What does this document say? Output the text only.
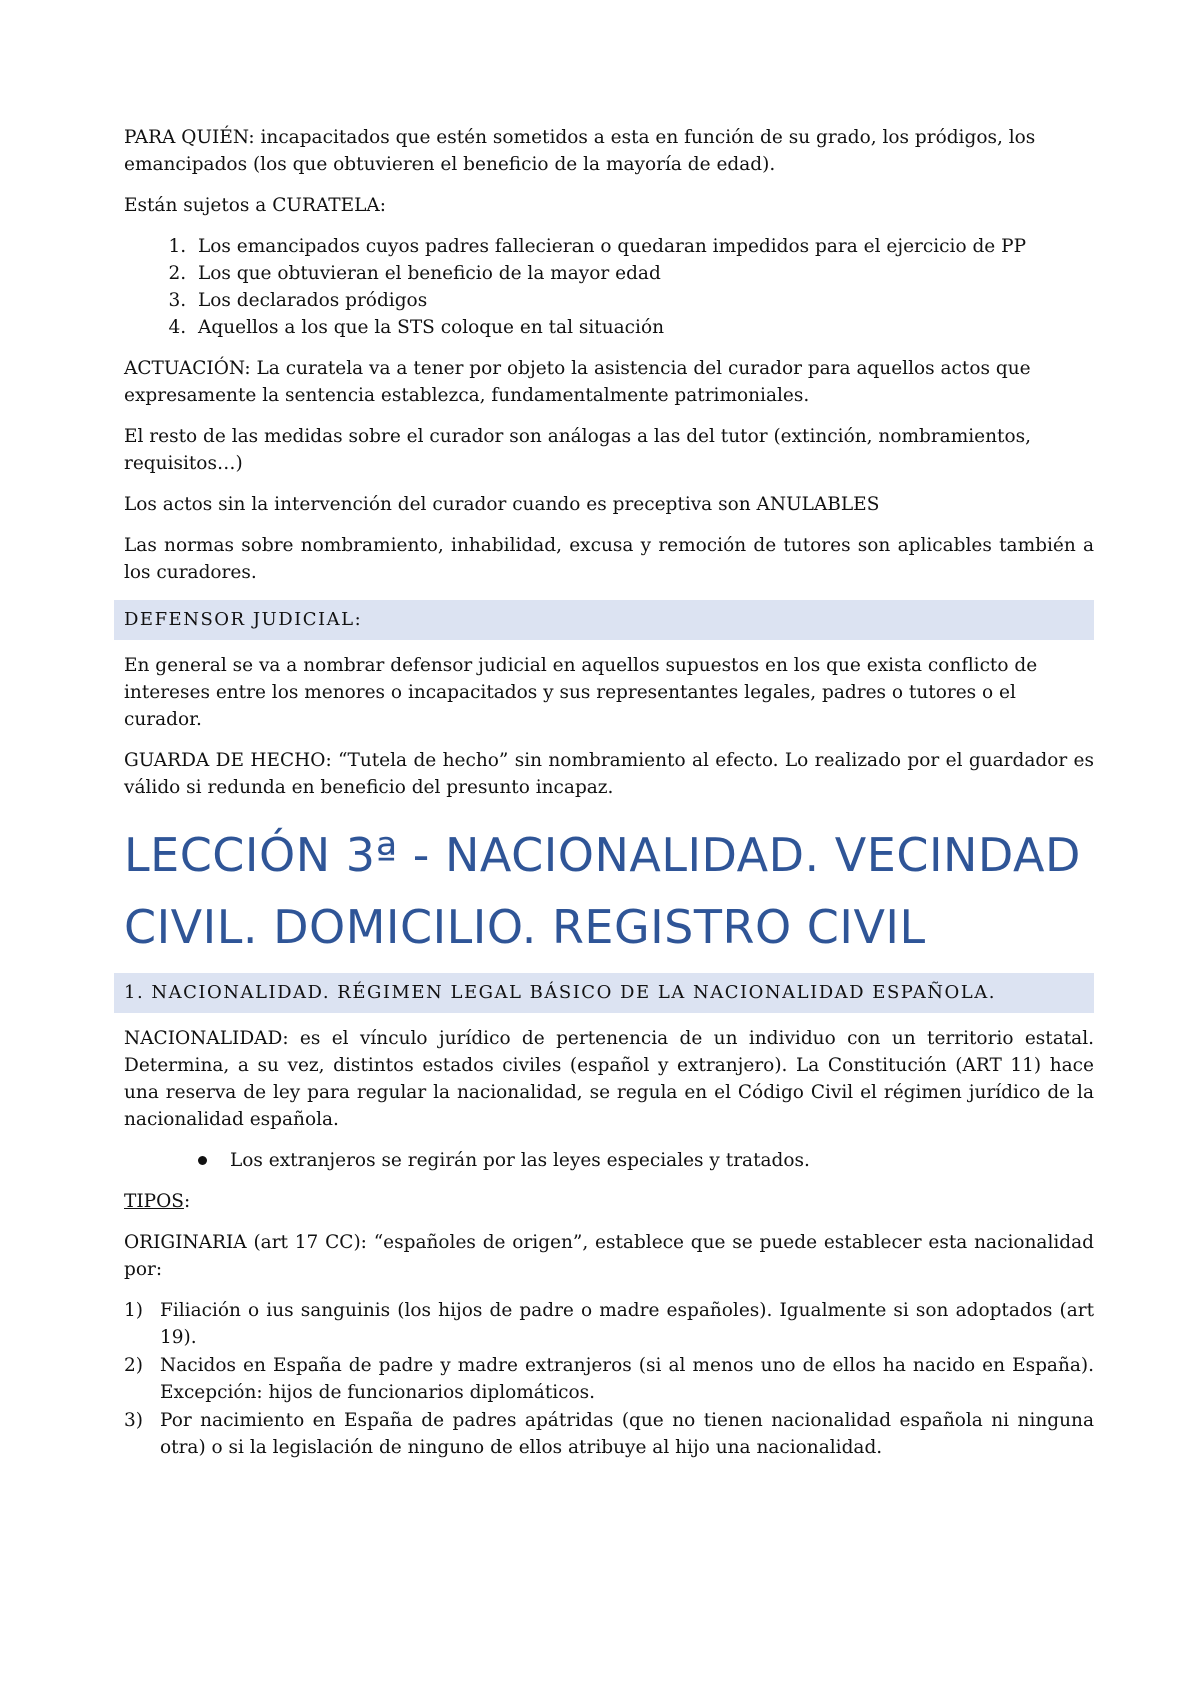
PARA QUIÉN: incapacitados que estén sometidos a esta en función de su grado, los pródigos, los emancipados (los que obtuvieren el beneficio de la mayoría de edad).

Están sujetos a CURATELA:

1. Los emancipados cuyos padres fallecieran o quedaran impedidos para el ejercicio de PP
2. Los que obtuvieran el beneficio de la mayor edad
3. Los declarados pródigos
4. Aquellos a los que la STS coloque en tal situación

ACTUACIÓN: La curatela va a tener por objeto la asistencia del curador para aquellos actos que expresamente la sentencia establezca, fundamentalmente patrimoniales.

El resto de las medidas sobre el curador son análogas a las del tutor (extinción, nombramientos, requisitos…)

Los actos sin la intervención del curador cuando es preceptiva son ANULABLES

Las normas sobre nombramiento, inhabilidad, excusa y remoción de tutores son aplicables también a los curadores.

DEFENSOR JUDICIAL:

En general se va a nombrar defensor judicial en aquellos supuestos en los que exista conflicto de intereses entre los menores o incapacitados y sus representantes legales, padres o tutores o el curador.

GUARDA DE HECHO: “Tutela de hecho” sin nombramiento al efecto. Lo realizado por el guardador es válido si redunda en beneficio del presunto incapaz.

LECCIÓN 3ª - NACIONALIDAD. VECINDAD CIVIL. DOMICILIO. REGISTRO CIVIL
1. NACIONALIDAD. RÉGIMEN LEGAL BÁSICO DE LA NACIONALIDAD ESPAÑOLA.

NACIONALIDAD: es el vínculo jurídico de pertenencia de un individuo con un territorio estatal. Determina, a su vez, distintos estados civiles (español y extranjero). La Constitución (ART 11) hace una reserva de ley para regular la nacionalidad, se regula en el Código Civil el régimen jurídico de la nacionalidad española.

Los extranjeros se regirán por las leyes especiales y tratados.

TIPOS:

ORIGINARIA (art 17 CC): “españoles de origen”, establece que se puede establecer esta nacionalidad por:

1) Filiación o ius sanguinis (los hijos de padre o madre españoles). Igualmente si son adoptados (art 19).
2) Nacidos en España de padre y madre extranjeros (si al menos uno de ellos ha nacido en España). Excepción: hijos de funcionarios diplomáticos.
3) Por nacimiento en España de padres apátridas (que no tienen nacionalidad española ni ninguna otra) o si la legislación de ninguno de ellos atribuye al hijo una nacionalidad.
